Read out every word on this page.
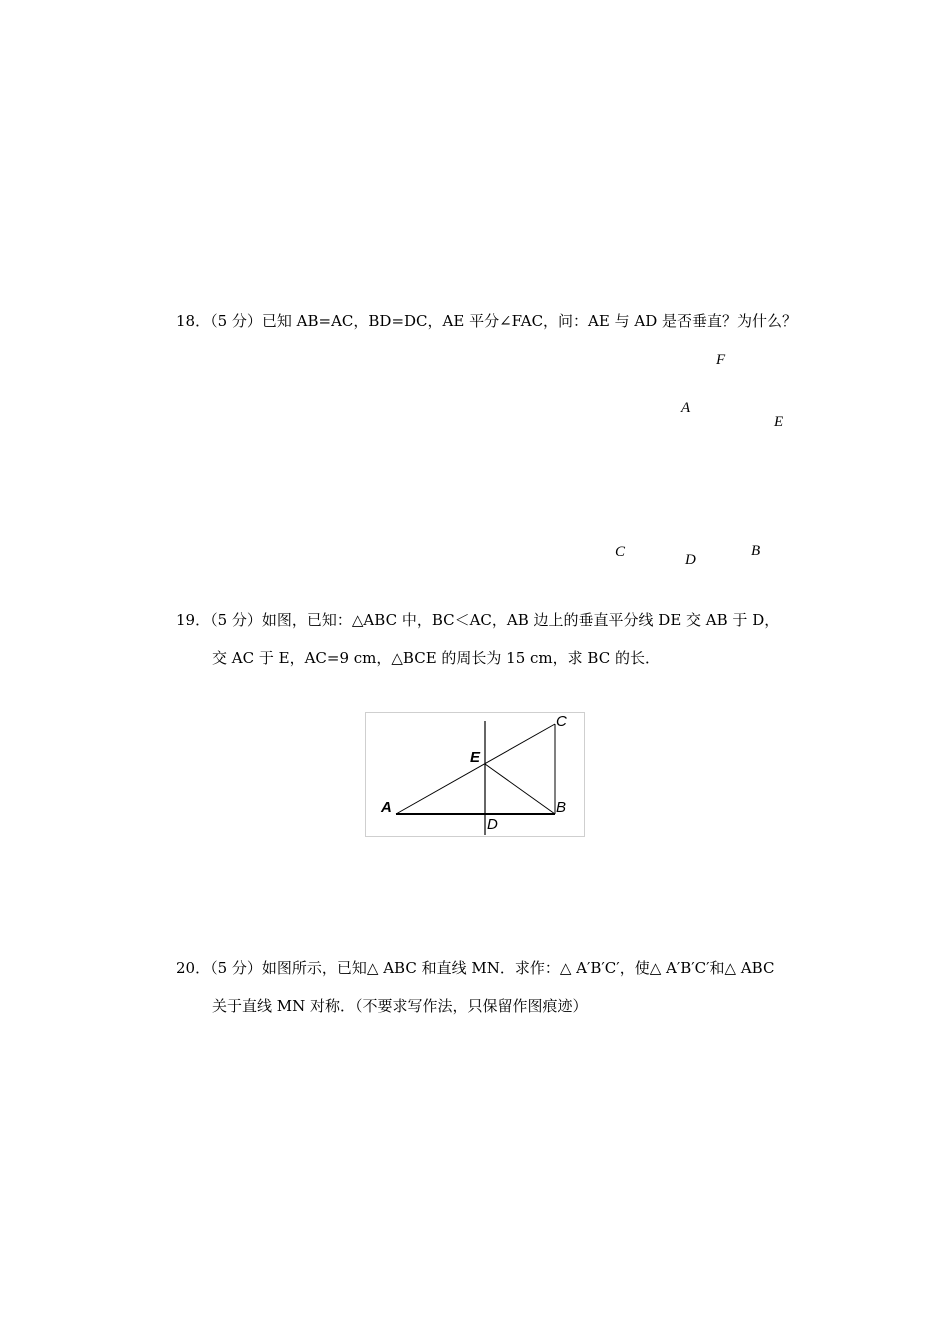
18．（5 分）已知 AB=AC，BD=DC，AE 平分∠FAC，问：AE 与 AD 是否垂直？为什么？
F
A
E
C	D
B
19．（5 分）如图，已知：△ABC 中，BC＜AC，AB 边上的垂直平分线 DE 交 AB 于 D，
交 AC 于 E，AC=9 cm，△BCE 的周长为 15 cm，求 BC 的长．
A	B
C
D
E
20．（5 分）如图所示，已知△ ABC 和直线 MN．求作：△ A′B′C′，使△ A′B′C′和△ ABC
关于直线 MN 对称．（不要求写作法，只保留作图痕迹）
